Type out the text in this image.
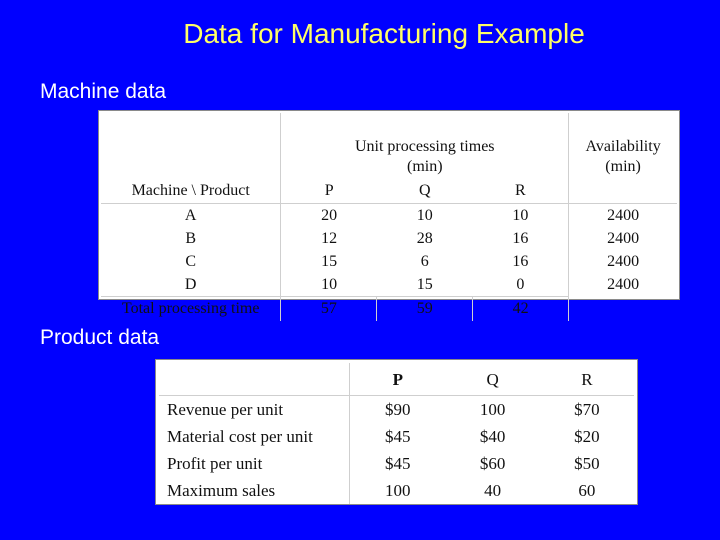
Data for Manufacturing Example

Machine data

	Unit processing times			Availability
	(min)			(min)
Machine \ Product	P	Q	R	
A	20	10	10	2400
B	12	28	16	2400
C	15	6	16	2400
D	10	15	0	2400
Total processing time	57	59	42	

Product data

	P	Q	R
Revenue per unit	$90	100	$70
Material cost per unit	$45	$40	$20
Profit per unit	$45	$60	$50
Maximum sales	100	40	60
